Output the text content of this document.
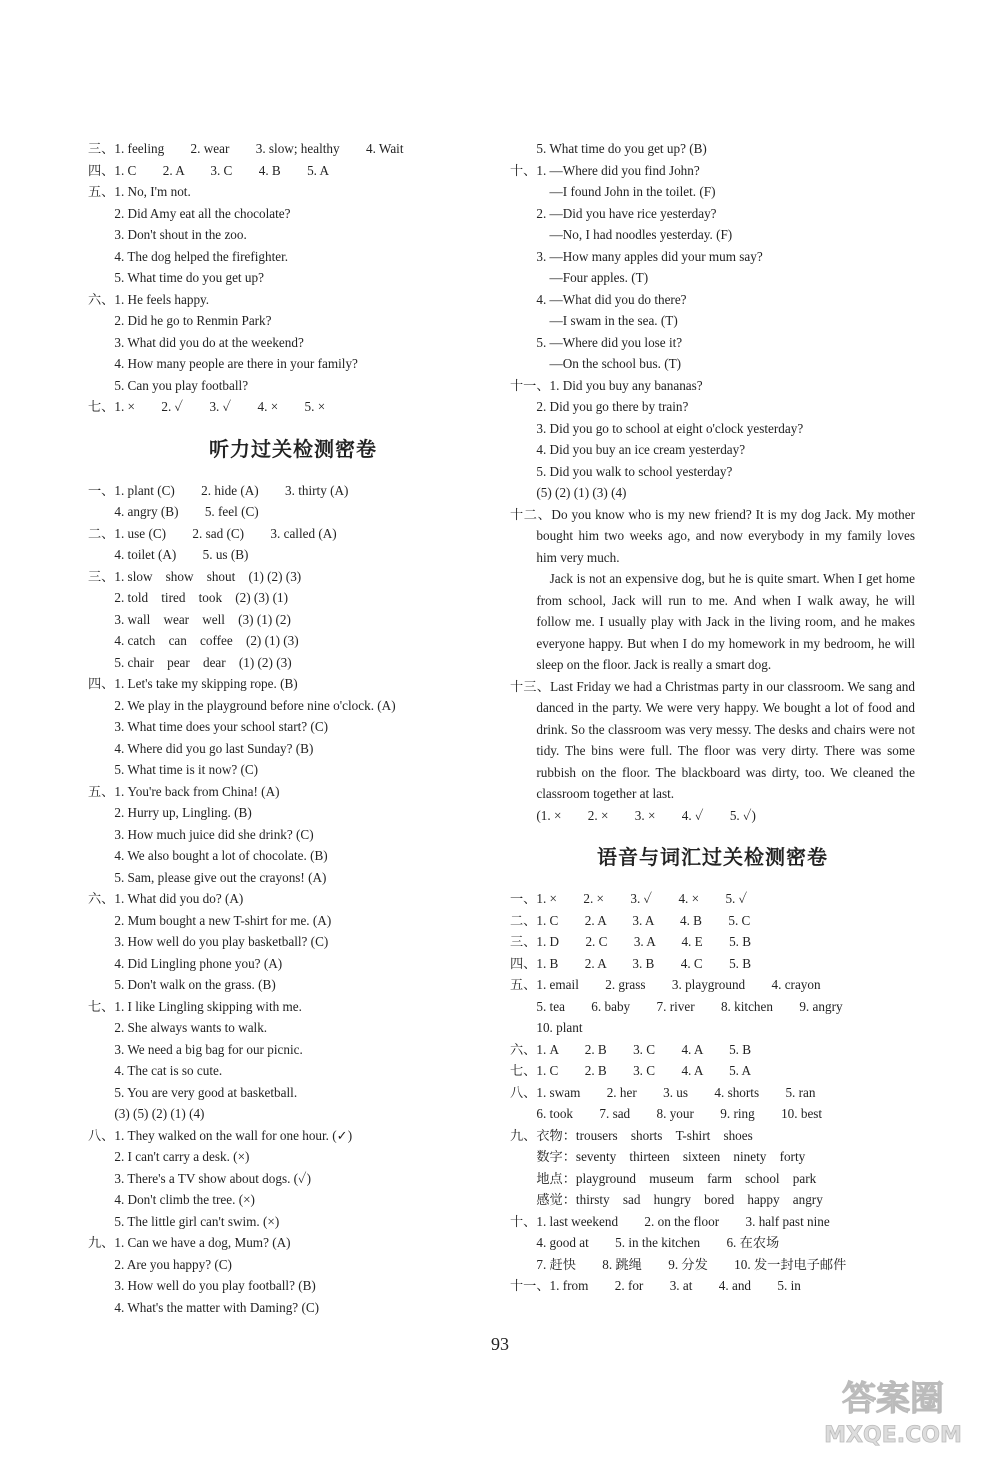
三、1. feeling　　2. wear　　3. slow; healthy　　4. Wait
四、1. C　　2. A　　3. C　　4. B　　5. A
五、1. No, I'm not.
　　2. Did Amy eat all the chocolate?
　　3. Don't shout in the zoo.
　　4. The dog helped the firefighter.
　　5. What time do you get up?
六、1. He feels happy.
　　2. Did he go to Renmin Park?
　　3. What did you do at the weekend?
　　4. How many people are there in your family?
　　5. Can you play football?
七、1. ×　　2. ✓　　3. ✓　　4. ×　　5. ×
听力过关检测密卷
一、1. plant (C)　　2. hide (A)　　3. thirty (A)
　　4. angry (B)　　5. feel (C)
二、1. use (C)　　2. sad (C)　　3. called (A)
　　4. toilet (A)　　5. us (B)
三、1. slow　show　shout　(1) (2) (3)
　　2. told　tired　took　(2) (3) (1)
　　3. wall　wear　well　(3) (1) (2)
　　4. catch　can　coffee　(2) (1) (3)
　　5. chair　pear　dear　(1) (2) (3)
四、1. Let's take my skipping rope. (B)
　　2. We play in the playground before nine o'clock. (A)
　　3. What time does your school start? (C)
　　4. Where did you go last Sunday? (B)
　　5. What time is it now? (C)
五、1. You're back from China! (A)
　　2. Hurry up, Lingling. (B)
　　3. How much juice did she drink? (C)
　　4. We also bought a lot of chocolate. (B)
　　5. Sam, please give out the crayons! (A)
六、1. What did you do? (A)
　　2. Mum bought a new T-shirt for me. (A)
　　3. How well do you play basketball? (C)
　　4. Did Lingling phone you? (A)
　　5. Don't walk on the grass. (B)
七、1. I like Lingling skipping with me.
　　2. She always wants to walk.
　　3. We need a big bag for our picnic.
　　4. The cat is so cute.
　　5. You are very good at basketball.
　　(3) (5) (2) (1) (4)
八、1. They walked on the wall for one hour. (✓)
　　2. I can't carry a desk. (×)
　　3. There's a TV show about dogs. (✓)
　　4. Don't climb the tree. (×)
　　5. The little girl can't swim. (×)
九、1. Can we have a dog, Mum? (A)
　　2. Are you happy? (C)
　　3. How well do you play football? (B)
　　4. What's the matter with Daming? (C)
　　5. What time do you get up? (B)
十、1. —Where did you find John?
　　　—I found John in the toilet. (F)
　　2. —Did you have rice yesterday?
　　　—No, I had noodles yesterday. (F)
　　3. —How many apples did your mum say?
　　　—Four apples. (T)
　　4. —What did you do there?
　　　—I swam in the sea. (T)
　　5. —Where did you lose it?
　　　—On the school bus. (T)
十一、1. Did you buy any bananas?
　　2. Did you go there by train?
　　3. Did you go to school at eight o'clock yesterday?
　　4. Did you buy an ice cream yesterday?
　　5. Did you walk to school yesterday?
　　(5) (2) (1) (3) (4)
十二、Do you know who is my new friend? It is my dog Jack. My mother bought him two weeks ago, and now everybody in my family loves him very much.
Jack is not an expensive dog, but he is quite smart. When I get home from school, Jack will run to me. And when I walk away, he will follow me. I usually play with Jack in the living room, and he makes everyone happy. But when I do my homework in my bedroom, he will sleep on the floor. Jack is really a smart dog.
十三、Last Friday we had a Christmas party in our classroom. We sang and danced in the party. We were very happy. We bought a lot of food and drink. So the classroom was very messy. The desks and chairs were not tidy. The bins were full. The floor was very dirty. There was some rubbish on the floor. The blackboard was dirty, too. We cleaned the classroom together at last.
　　(1. ×　　2. ×　　3. ×　　4. ✓　　5. ✓)
语音与词汇过关检测密卷
一、1. ×　　2. ×　　3. ✓　　4. ×　　5. ✓
二、1. C　　2. A　　3. A　　4. B　　5. C
三、1. D　　2. C　　3. A　　4. E　　5. B
四、1. B　　2. A　　3. B　　4. C　　5. B
五、1. email　　2. grass　　3. playground　　4. crayon
　　5. tea　　6. baby　　7. river　　8. kitchen　　9. angry
　　10. plant
六、1. A　　2. B　　3. C　　4. A　　5. B
七、1. C　　2. B　　3. C　　4. A　　5. A
八、1. swam　　2. her　　3. us　　4. shorts　　5. ran
　　6. took　　7. sad　　8. your　　9. ring　　10. best
九、衣物：trousers　shorts　T-shirt　shoes
　　数字：seventy　thirteen　sixteen　ninety　forty
　　地点：playground　museum　farm　school　park
　　感觉：thirsty　sad　hungry　bored　happy　angry
十、1. last weekend　　2. on the floor　　3. half past nine
　　4. good at　　5. in the kitchen　　6. 在农场
　　7. 赶快　　8. 跳绳　　9. 分发　　10. 发一封电子邮件
十一、1. from　　2. for　　3. at　　4. and　　5. in
93
答案圈
MXQE.COM
